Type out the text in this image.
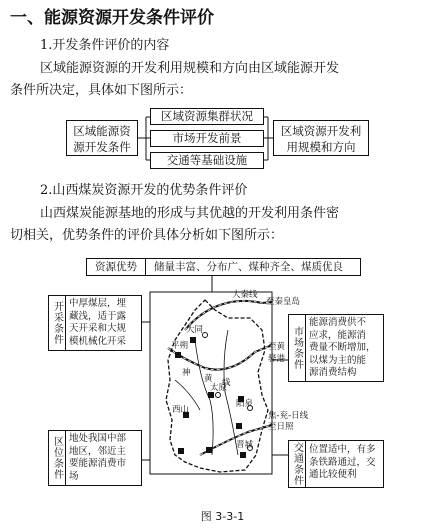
一、能源资源开发条件评价
1.开发条件评价的内容
区域能源资源的开发利用规模和方向由区域能源开发
条件所决定，具体如下图所示：
区域能源资
源开发条件
区域资源集群状况
市场开发前景
交通等基础设施
区域资源开发利
用规模和方向
2.山西煤炭资源开发的优势条件评价
山西煤炭能源基地的形成与其优越的开发利用条件密
切相关，优势条件的评价具体分析如下图所示：
资源优势	储量丰富、分布广、煤种齐全、煤质优良
开采条件 中厚煤层，埋
藏浅，适于露
天开采和大规
模机械化开采	市场条件
能源消费供不
应求，能源消
费量不断增加，
以煤为主的能
源消费结构
区位条件 地处我国中部
地区，邻近主
要能源消费市
场	交通条件 位置适中，有多
条铁路通过，交
通比较便利
大秦线
至秦皇岛
大同
平朔
神
黄 线
至黄
骅港
太原
阳泉
西山
焦-兖-日线
至日照
晋城
图 3-3-1
